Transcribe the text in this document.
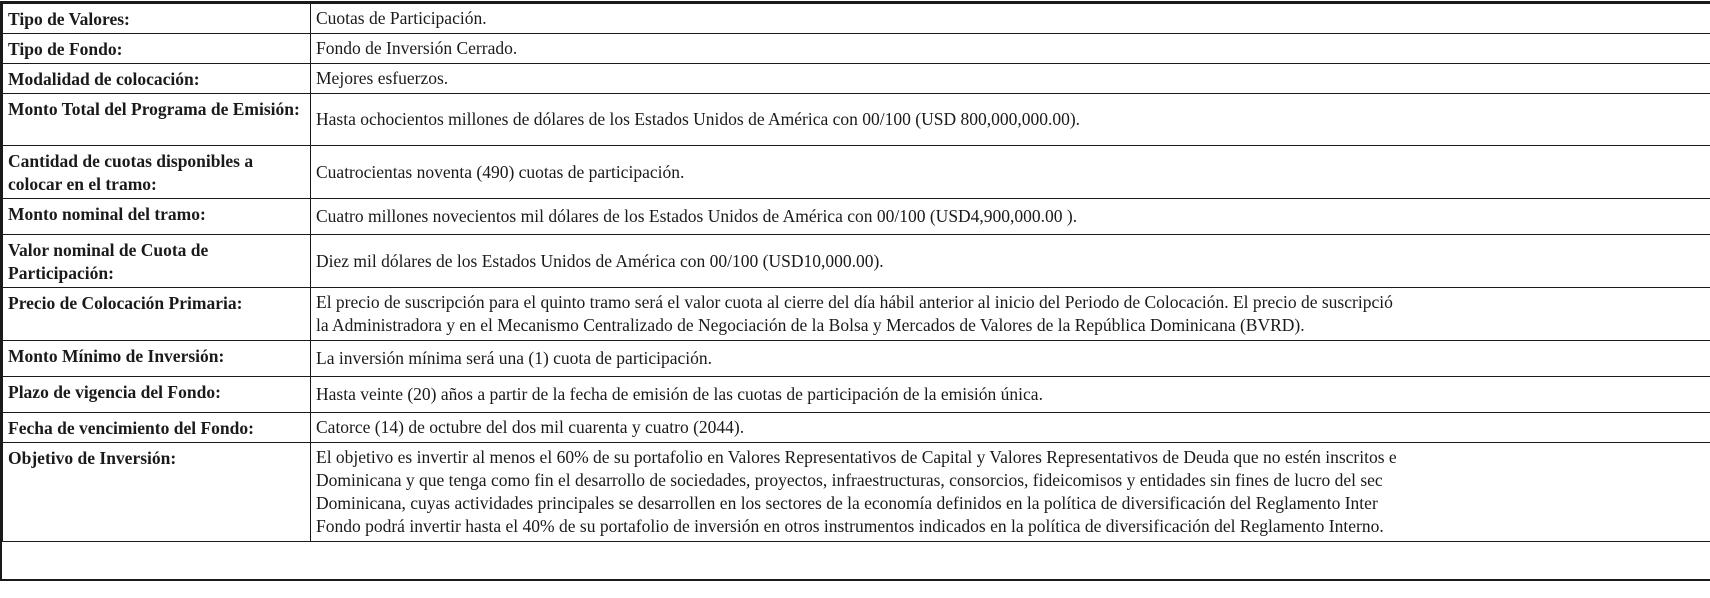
Tipo de Valores:	Cuotas de Participación.

Tipo de Fondo:	Fondo de Inversión Cerrado.

Modalidad de colocación:	Mejores esfuerzos.

Monto Total del Programa de Emisión:	Hasta ochocientos millones de dólares de los Estados Unidos de América con 00/100 (USD 800,000,000.00).

Cantidad de cuotas disponibles a colocar en el tramo:	Cuatrocientas noventa (490) cuotas de participación.

Monto nominal del tramo:	Cuatro millones novecientos mil dólares de los Estados Unidos de América con 00/100 (USD4,900,000.00 ).

Valor nominal de Cuota de Participación:	Diez mil dólares de los Estados Unidos de América con 00/100 (USD10,000.00).

Precio de Colocación Primaria:	El precio de suscripción para el quinto tramo será el valor cuota al cierre del día hábil anterior al inicio del Periodo de Colocación. El precio de suscripció
la Administradora y en el Mecanismo Centralizado de Negociación de la Bolsa y Mercados de Valores de la República Dominicana (BVRD).

Monto Mínimo de Inversión:	La inversión mínima será una (1) cuota de participación.

Plazo de vigencia del Fondo:	Hasta veinte (20) años a partir de la fecha de emisión de las cuotas de participación de la emisión única.

Fecha de vencimiento del Fondo:	Catorce (14) de octubre del dos mil cuarenta y cuatro (2044).

Objetivo de Inversión:	El objetivo es invertir al menos el 60% de su portafolio en Valores Representativos de Capital y Valores Representativos de Deuda que no estén inscritos e
Dominicana y que tenga como fin el desarrollo de sociedades, proyectos, infraestructuras, consorcios, fideicomisos y entidades sin fines de lucro del sec
Dominicana, cuyas actividades principales se desarrollen en los sectores de la economía definidos en la política de diversificación del Reglamento Inter
Fondo podrá invertir hasta el 40% de su portafolio de inversión en otros instrumentos indicados en la política de diversificación del Reglamento Interno.
